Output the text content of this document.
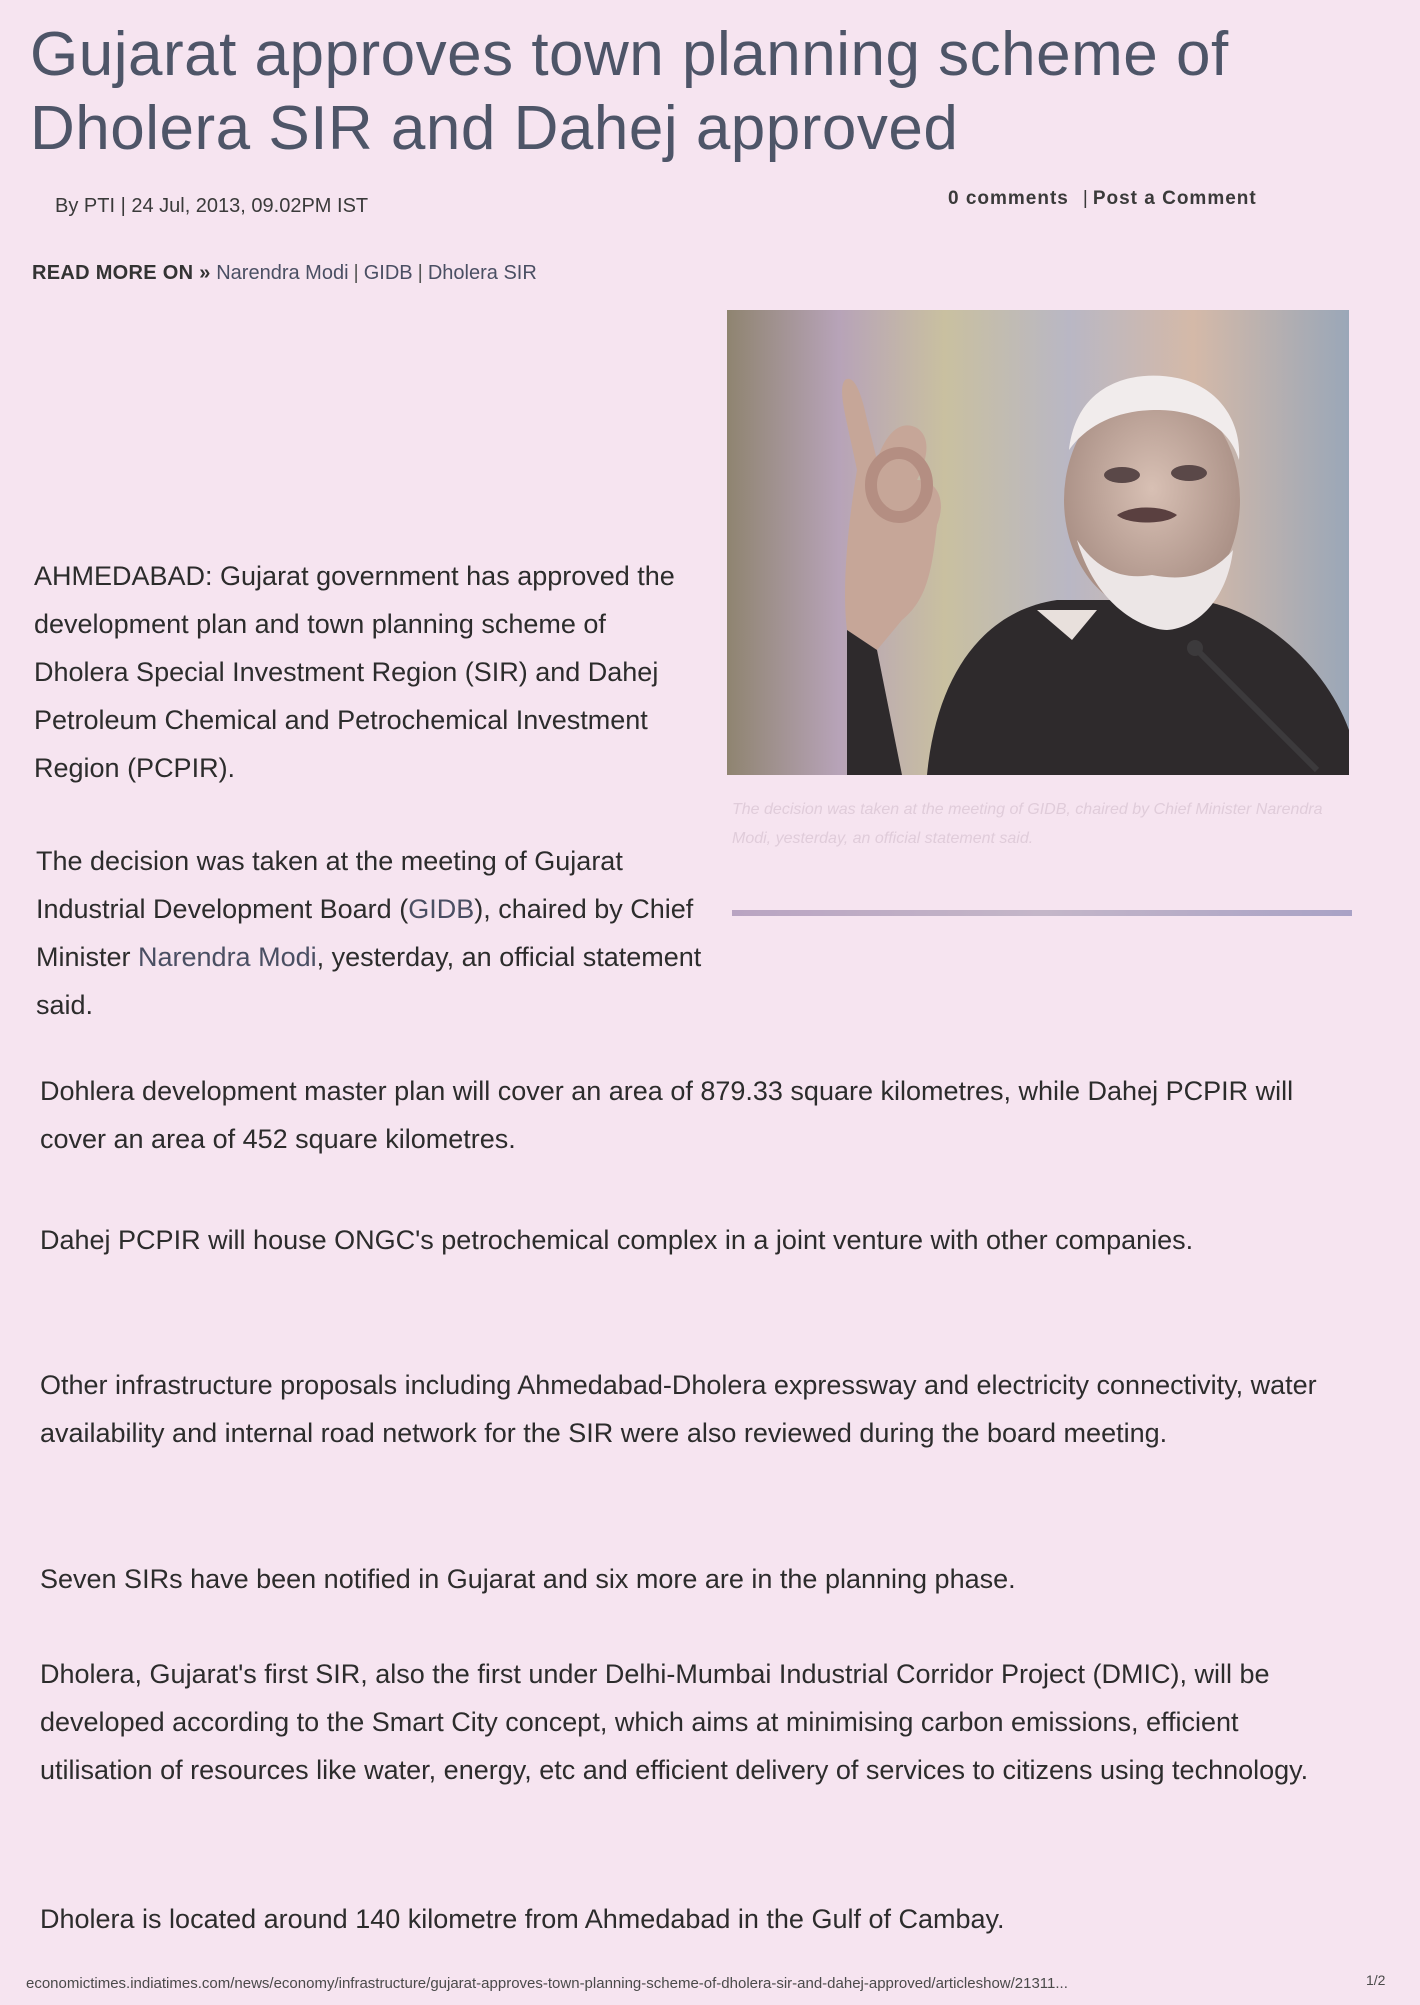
Gujarat approves town planning scheme of Dholera SIR and Dahej approved
By PTI | 24 Jul, 2013, 09.02PM IST	0 comments | Post a Comment
READ MORE ON » Narendra Modi | GIDB | Dholera SIR
The decision was taken at the meeting of GIDB, chaired by Chief Minister Narendra Modi, yesterday, an official statement said.

AHMEDABAD: Gujarat government has approved the development plan and town planning scheme of Dholera Special Investment Region (SIR) and Dahej Petroleum Chemical and Petrochemical Investment Region (PCPIR).

The decision was taken at the meeting of Gujarat Industrial Development Board (GIDB), chaired by Chief Minister Narendra Modi, yesterday, an official statement said.

Dohlera development master plan will cover an area of 879.33 square kilometres, while Dahej PCPIR will cover an area of 452 square kilometres.

Dahej PCPIR will house ONGC's petrochemical complex in a joint venture with other companies.

Other infrastructure proposals including Ahmedabad-Dholera expressway and electricity connectivity, water availability and internal road network for the SIR were also reviewed during the board meeting.

Seven SIRs have been notified in Gujarat and six more are in the planning phase.

Dholera, Gujarat's first SIR, also the first under Delhi-Mumbai Industrial Corridor Project (DMIC), will be developed according to the Smart City concept, which aims at minimising carbon emissions, efficient utilisation of resources like water, energy, etc and efficient delivery of services to citizens using technology.

Dholera is located around 140 kilometre from Ahmedabad in the Gulf of Cambay.

economictimes.indiatimes.com/news/economy/infrastructure/gujarat-approves-town-planning-scheme-of-dholera-sir-and-dahej-approved/articleshow/21311...	1/2
